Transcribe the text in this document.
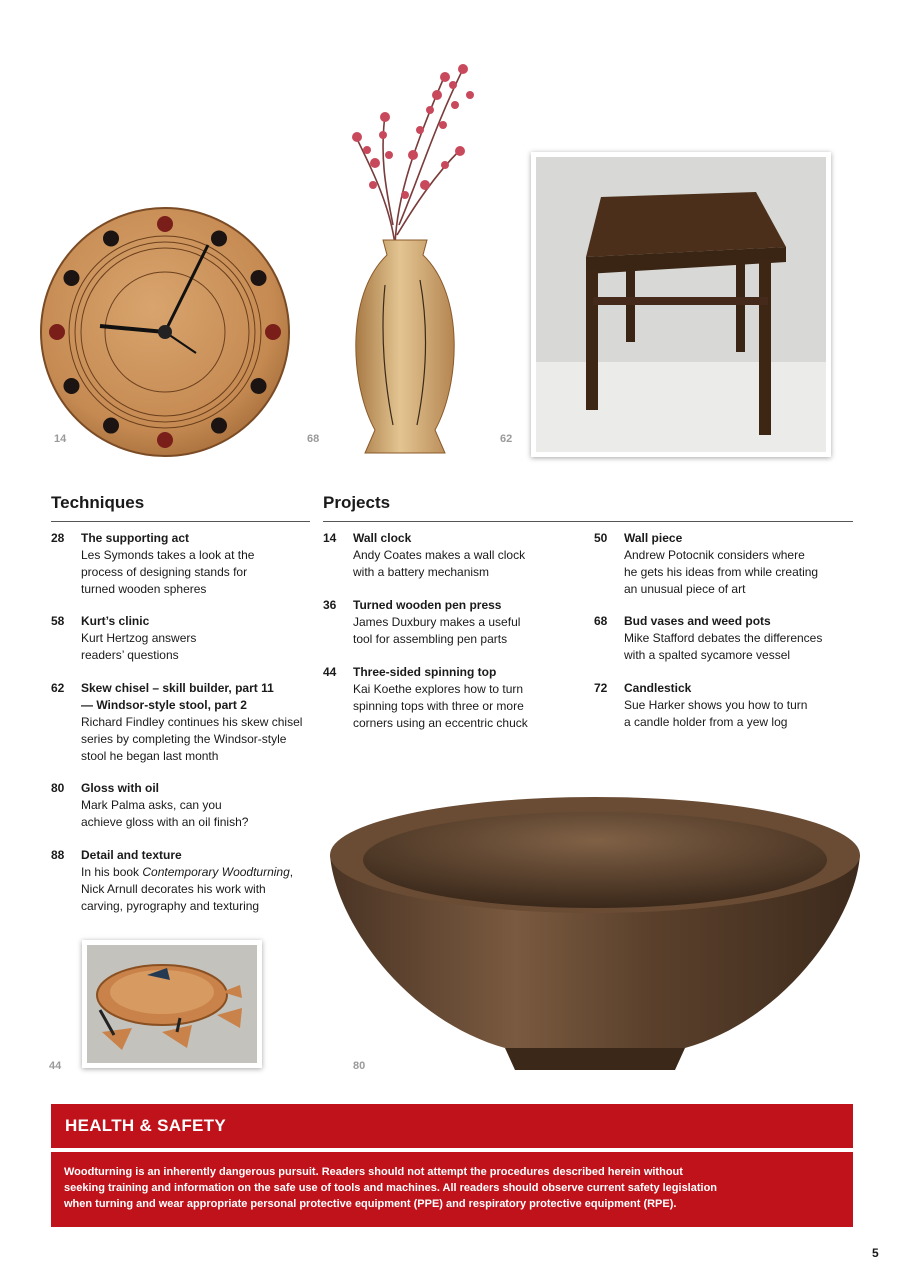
14	68	62
44	80
Techniques
28 The supporting act
Les Symonds takes a look at the
process of designing stands for
turned wooden spheres
58 Kurt’s clinic
Kurt Hertzog answers
readers’ questions
62 Skew chisel – skill builder, part 11
— Windsor-style stool, part 2
Richard Findley continues his skew chisel
series by completing the Windsor-style
stool he began last month
80 Gloss with oil
Mark Palma asks, can you
achieve gloss with an oil finish?
88 Detail and texture
In his book Contemporary Woodturning,
Nick Arnull decorates his work with
carving, pyrography and texturing
Projects
14 Wall clock
Andy Coates makes a wall clock
with a battery mechanism
36 Turned wooden pen press
James Duxbury makes a useful
tool for assembling pen parts
44 Three-sided spinning top
Kai Koethe explores how to turn
spinning tops with three or more
corners using an eccentric chuck
50 Wall piece
Andrew Potocnik considers where
he gets his ideas from while creating
an unusual piece of art
68 Bud vases and weed pots
Mike Stafford debates the differences
with a spalted sycamore vessel
72 Candlestick
Sue Harker shows you how to turn
a candle holder from a yew log
HEALTH & SAFETY
Woodturning is an inherently dangerous pursuit. Readers should not attempt the procedures described herein without
seeking training and information on the safe use of tools and machines. All readers should observe current safety legislation
when turning and wear appropriate personal protective equipment (PPE) and respiratory protective equipment (RPE).
5
